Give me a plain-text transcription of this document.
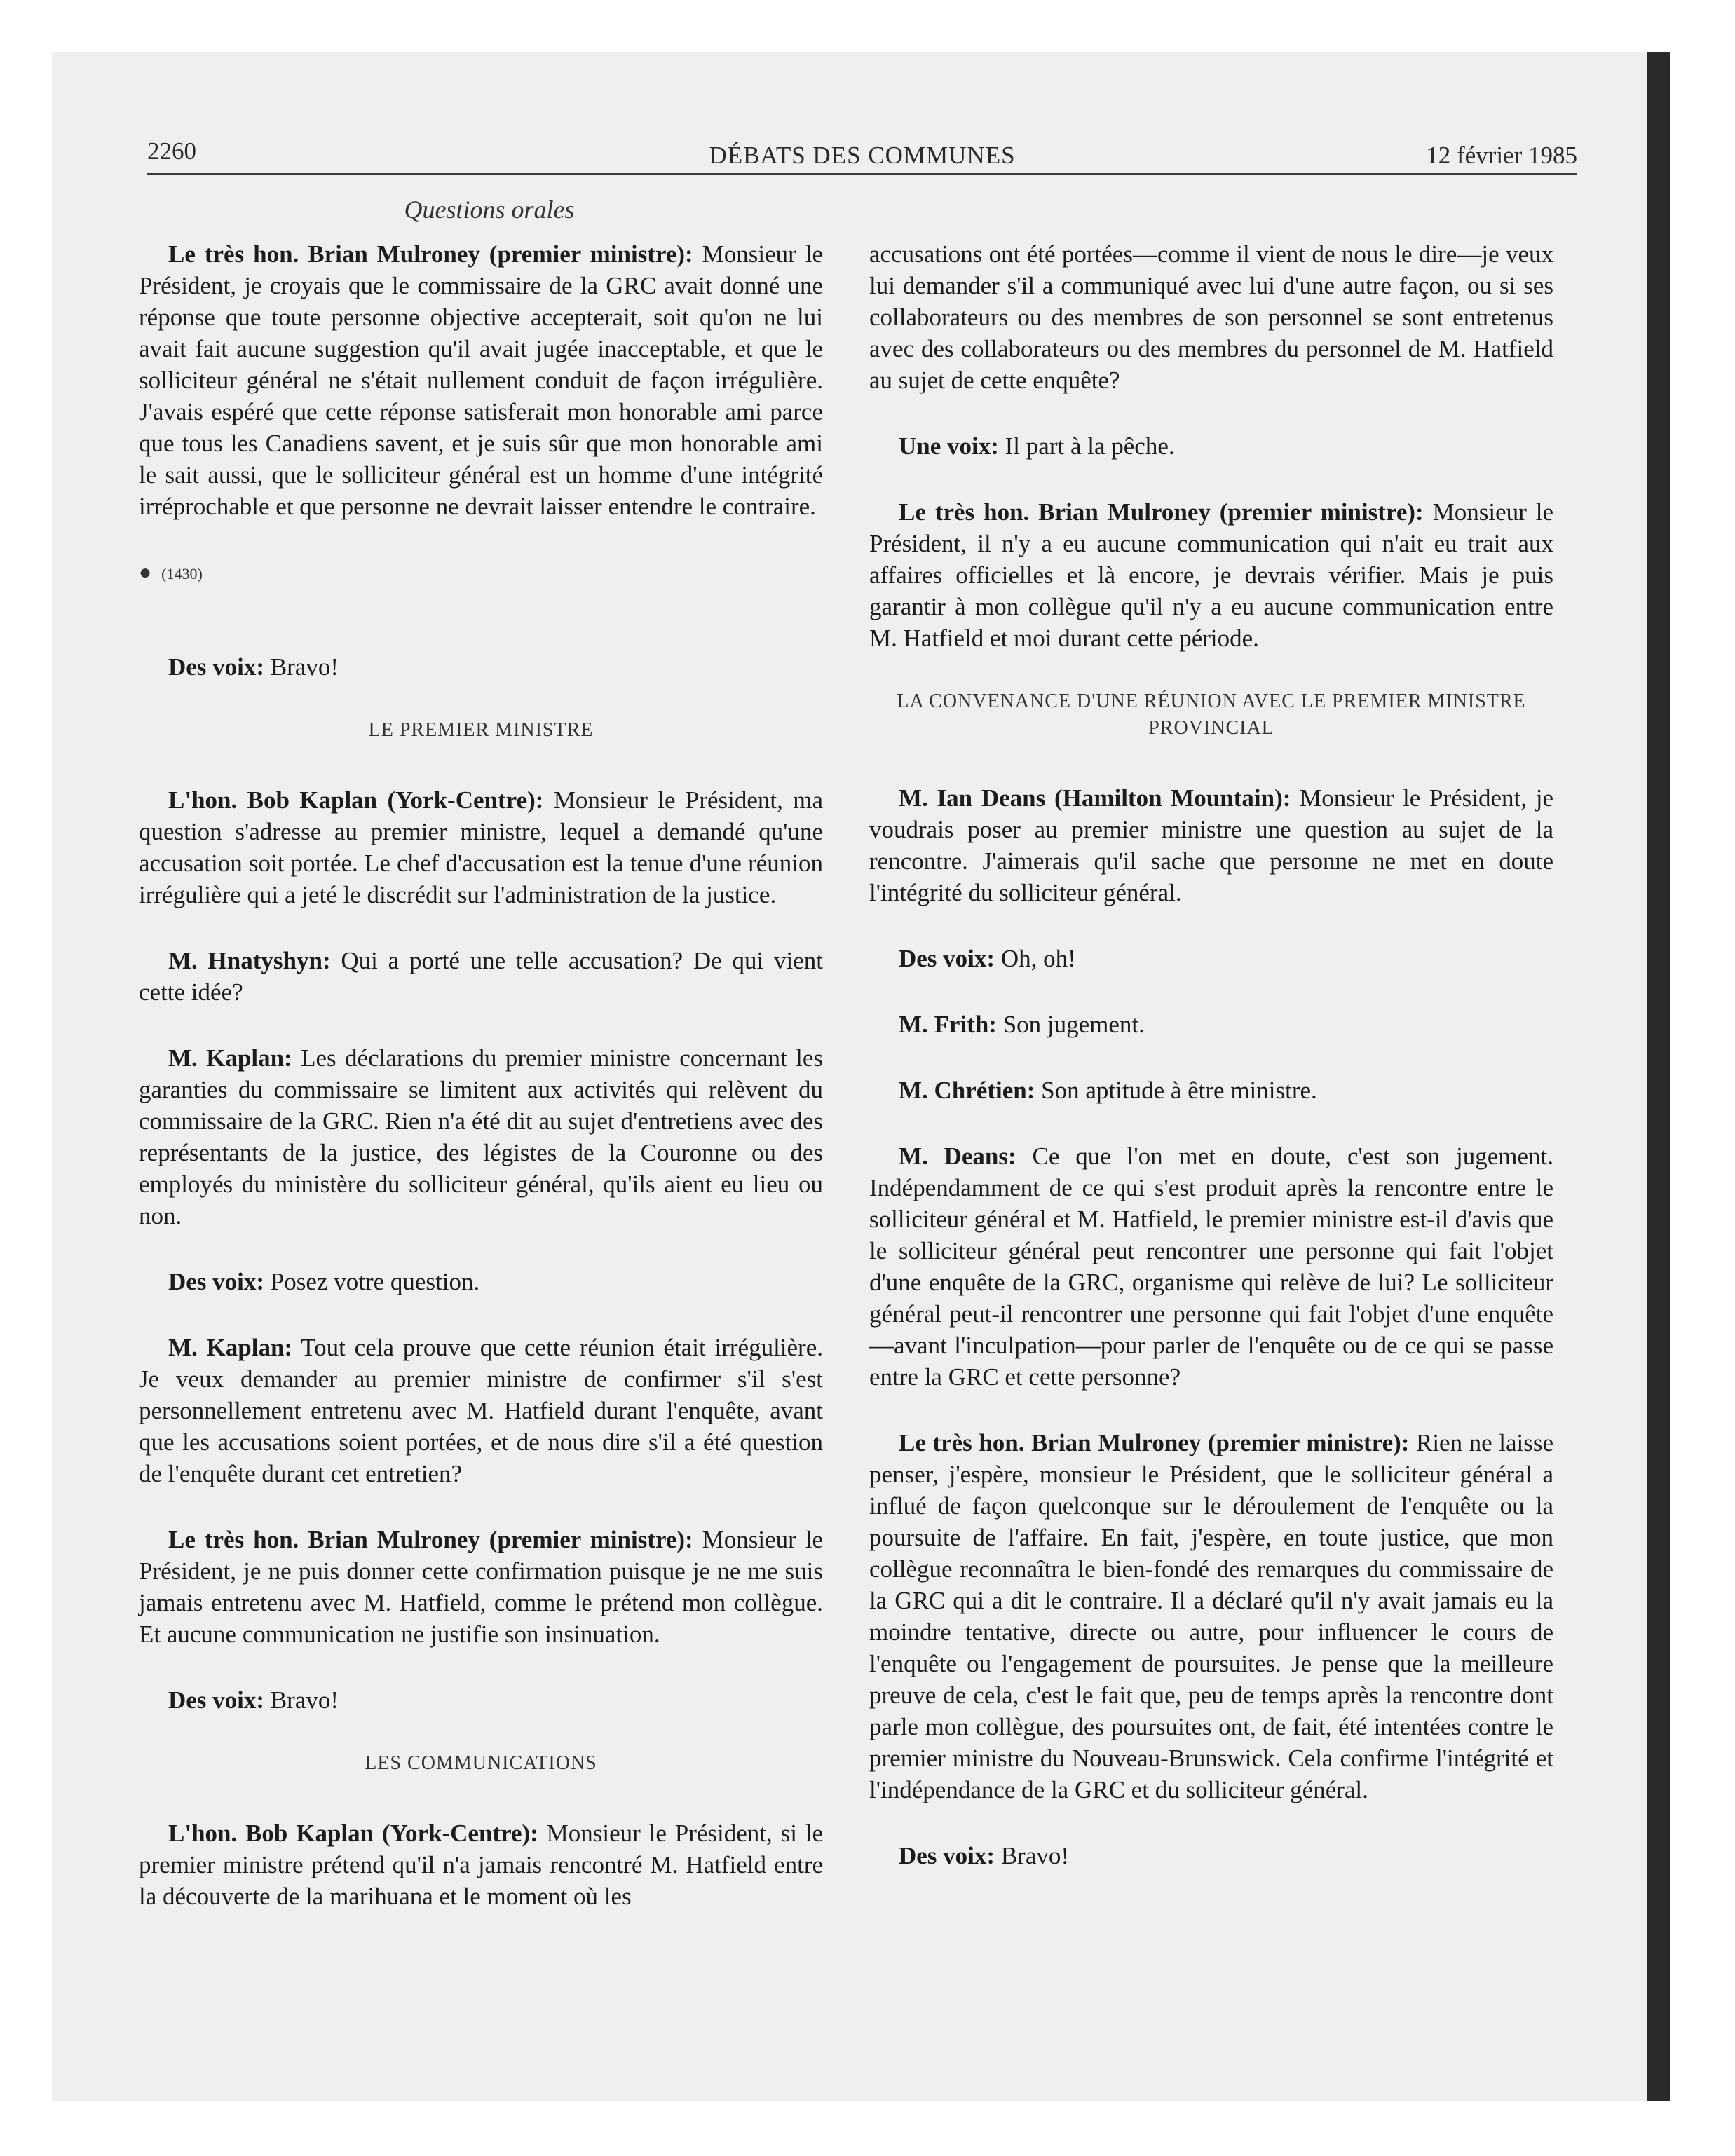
2260	DÉBATS DES COMMUNES	12 février 1985
Questions orales

Le très hon. Brian Mulroney (premier ministre): Monsieur le Président, je croyais que le commissaire de la GRC avait donné une réponse que toute personne objective accepterait, soit qu'on ne lui avait fait aucune suggestion qu'il avait jugée inacceptable, et que le solliciteur général ne s'était nullement conduit de façon irrégulière. J'avais espéré que cette réponse satisferait mon honorable ami parce que tous les Canadiens savent, et je suis sûr que mon honorable ami le sait aussi, que le solliciteur général est un homme d'une intégrité irréprochable et que personne ne devrait laisser entendre le contraire.

● (1430)

Des voix: Bravo!

LE PREMIER MINISTRE

L'hon. Bob Kaplan (York-Centre): Monsieur le Président, ma question s'adresse au premier ministre, lequel a demandé qu'une accusation soit portée. Le chef d'accusation est la tenue d'une réunion irrégulière qui a jeté le discrédit sur l'administration de la justice.

M. Hnatyshyn: Qui a porté une telle accusation? De qui vient cette idée?

M. Kaplan: Les déclarations du premier ministre concernant les garanties du commissaire se limitent aux activités qui relèvent du commissaire de la GRC. Rien n'a été dit au sujet d'entretiens avec des représentants de la justice, des légistes de la Couronne ou des employés du ministère du solliciteur général, qu'ils aient eu lieu ou non.

Des voix: Posez votre question.

M. Kaplan: Tout cela prouve que cette réunion était irrégulière. Je veux demander au premier ministre de confirmer s'il s'est personnellement entretenu avec M. Hatfield durant l'enquête, avant que les accusations soient portées, et de nous dire s'il a été question de l'enquête durant cet entretien?

Le très hon. Brian Mulroney (premier ministre): Monsieur le Président, je ne puis donner cette confirmation puisque je ne me suis jamais entretenu avec M. Hatfield, comme le prétend mon collègue. Et aucune communication ne justifie son insinuation.

Des voix: Bravo!

LES COMMUNICATIONS

L'hon. Bob Kaplan (York-Centre): Monsieur le Président, si le premier ministre prétend qu'il n'a jamais rencontré M. Hatfield entre la découverte de la marihuana et le moment où les

accusations ont été portées—comme il vient de nous le dire—je veux lui demander s'il a communiqué avec lui d'une autre façon, ou si ses collaborateurs ou des membres de son personnel se sont entretenus avec des collaborateurs ou des membres du personnel de M. Hatfield au sujet de cette enquête?

Une voix: Il part à la pêche.

Le très hon. Brian Mulroney (premier ministre): Monsieur le Président, il n'y a eu aucune communication qui n'ait eu trait aux affaires officielles et là encore, je devrais vérifier. Mais je puis garantir à mon collègue qu'il n'y a eu aucune communication entre M. Hatfield et moi durant cette période.

LA CONVENANCE D'UNE RÉUNION AVEC LE PREMIER MINISTRE PROVINCIAL

M. Ian Deans (Hamilton Mountain): Monsieur le Président, je voudrais poser au premier ministre une question au sujet de la rencontre. J'aimerais qu'il sache que personne ne met en doute l'intégrité du solliciteur général.

Des voix: Oh, oh!

M. Frith: Son jugement.

M. Chrétien: Son aptitude à être ministre.

M. Deans: Ce que l'on met en doute, c'est son jugement. Indépendamment de ce qui s'est produit après la rencontre entre le solliciteur général et M. Hatfield, le premier ministre est-il d'avis que le solliciteur général peut rencontrer une personne qui fait l'objet d'une enquête de la GRC, organisme qui relève de lui? Le solliciteur général peut-il rencontrer une personne qui fait l'objet d'une enquête—avant l'inculpation—pour parler de l'enquête ou de ce qui se passe entre la GRC et cette personne?

Le très hon. Brian Mulroney (premier ministre): Rien ne laisse penser, j'espère, monsieur le Président, que le solliciteur général a influé de façon quelconque sur le déroulement de l'enquête ou la poursuite de l'affaire. En fait, j'espère, en toute justice, que mon collègue reconnaîtra le bien-fondé des remarques du commissaire de la GRC qui a dit le contraire. Il a déclaré qu'il n'y avait jamais eu la moindre tentative, directe ou autre, pour influencer le cours de l'enquête ou l'engagement de poursuites. Je pense que la meilleure preuve de cela, c'est le fait que, peu de temps après la rencontre dont parle mon collègue, des poursuites ont, de fait, été intentées contre le premier ministre du Nouveau-Brunswick. Cela confirme l'intégrité et l'indépendance de la GRC et du solliciteur général.

Des voix: Bravo!
